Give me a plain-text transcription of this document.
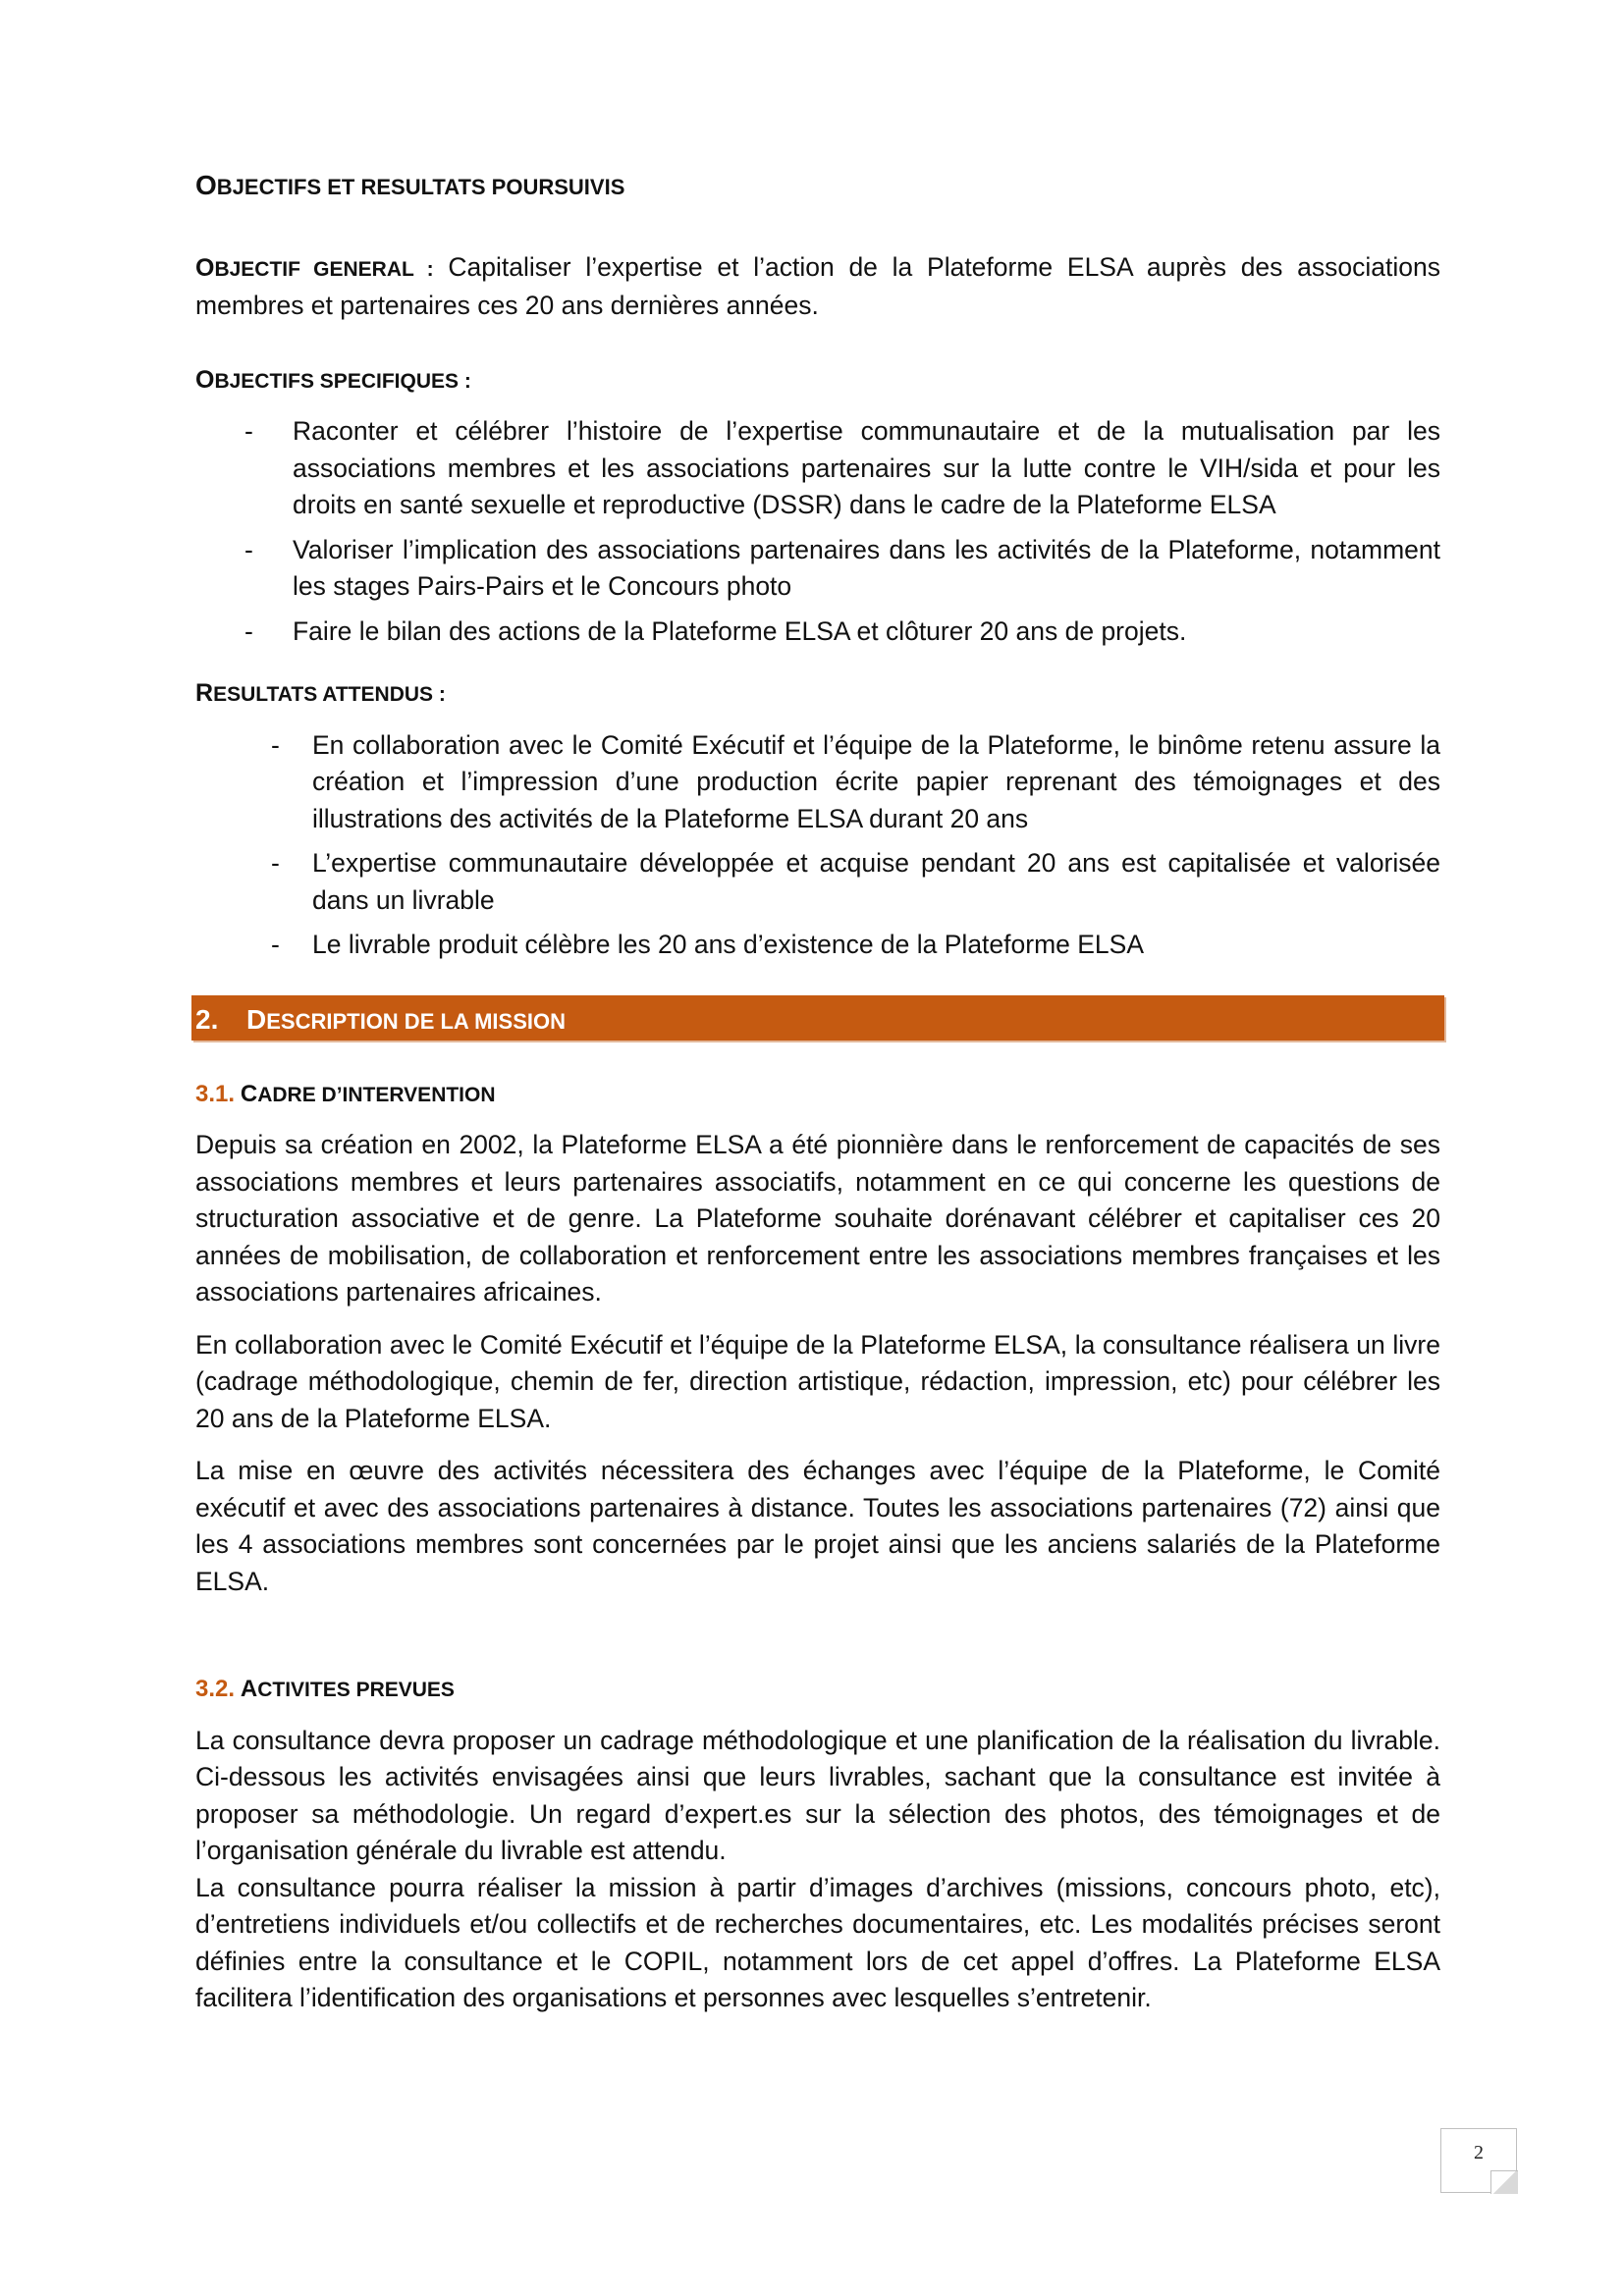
OBJECTIFS ET RESULTATS POURSUIVIS

OBJECTIF GENERAL : Capitaliser l’expertise et l’action de la Plateforme ELSA auprès des associations membres et partenaires ces 20 ans dernières années.

OBJECTIFS SPECIFIQUES :

- Raconter et célébrer l’histoire de l’expertise communautaire et de la mutualisation par les associations membres et les associations partenaires sur la lutte contre le VIH/sida et pour les droits en santé sexuelle et reproductive (DSSR) dans le cadre de la Plateforme ELSA
- Valoriser l’implication des associations partenaires dans les activités de la Plateforme, notamment les stages Pairs-Pairs et le Concours photo
- Faire le bilan des actions de la Plateforme ELSA et clôturer 20 ans de projets.

RESULTATS ATTENDUS :

- En collaboration avec le Comité Exécutif et l’équipe de la Plateforme, le binôme retenu assure la création et l’impression d’une production écrite papier reprenant des témoignages et des illustrations des activités de la Plateforme ELSA durant 20 ans
- L’expertise communautaire développée et acquise pendant 20 ans est capitalisée et valorisée dans un livrable
- Le livrable produit célèbre les 20 ans d’existence de la Plateforme ELSA
2. DESCRIPTION DE LA MISSION
3.1. CADRE D’INTERVENTION

Depuis sa création en 2002, la Plateforme ELSA a été pionnière dans le renforcement de capacités de ses associations membres et leurs partenaires associatifs, notamment en ce qui concerne les questions de structuration associative et de genre. La Plateforme souhaite dorénavant célébrer et capitaliser ces 20 années de mobilisation, de collaboration et renforcement entre les associations membres françaises et les associations partenaires africaines.

En collaboration avec le Comité Exécutif et l’équipe de la Plateforme ELSA, la consultance réalisera un livre (cadrage méthodologique, chemin de fer, direction artistique, rédaction, impression, etc) pour célébrer les 20 ans de la Plateforme ELSA.

La mise en œuvre des activités nécessitera des échanges avec l’équipe de la Plateforme, le Comité exécutif et avec des associations partenaires à distance. Toutes les associations partenaires (72) ainsi que les 4 associations membres sont concernées par le projet ainsi que les anciens salariés de la Plateforme ELSA.

3.2. ACTIVITES PREVUES

La consultance devra proposer un cadrage méthodologique et une planification de la réalisation du livrable. Ci-dessous les activités envisagées ainsi que leurs livrables, sachant que la consultance est invitée à proposer sa méthodologie. Un regard d’expert.es sur la sélection des photos, des témoignages et de l’organisation générale du livrable est attendu.

La consultance pourra réaliser la mission à partir d’images d’archives (missions, concours photo, etc), d’entretiens individuels et/ou collectifs et de recherches documentaires, etc. Les modalités précises seront définies entre la consultance et le COPIL, notamment lors de cet appel d’offres. La Plateforme ELSA facilitera l’identification des organisations et personnes avec lesquelles s’entretenir.

2
